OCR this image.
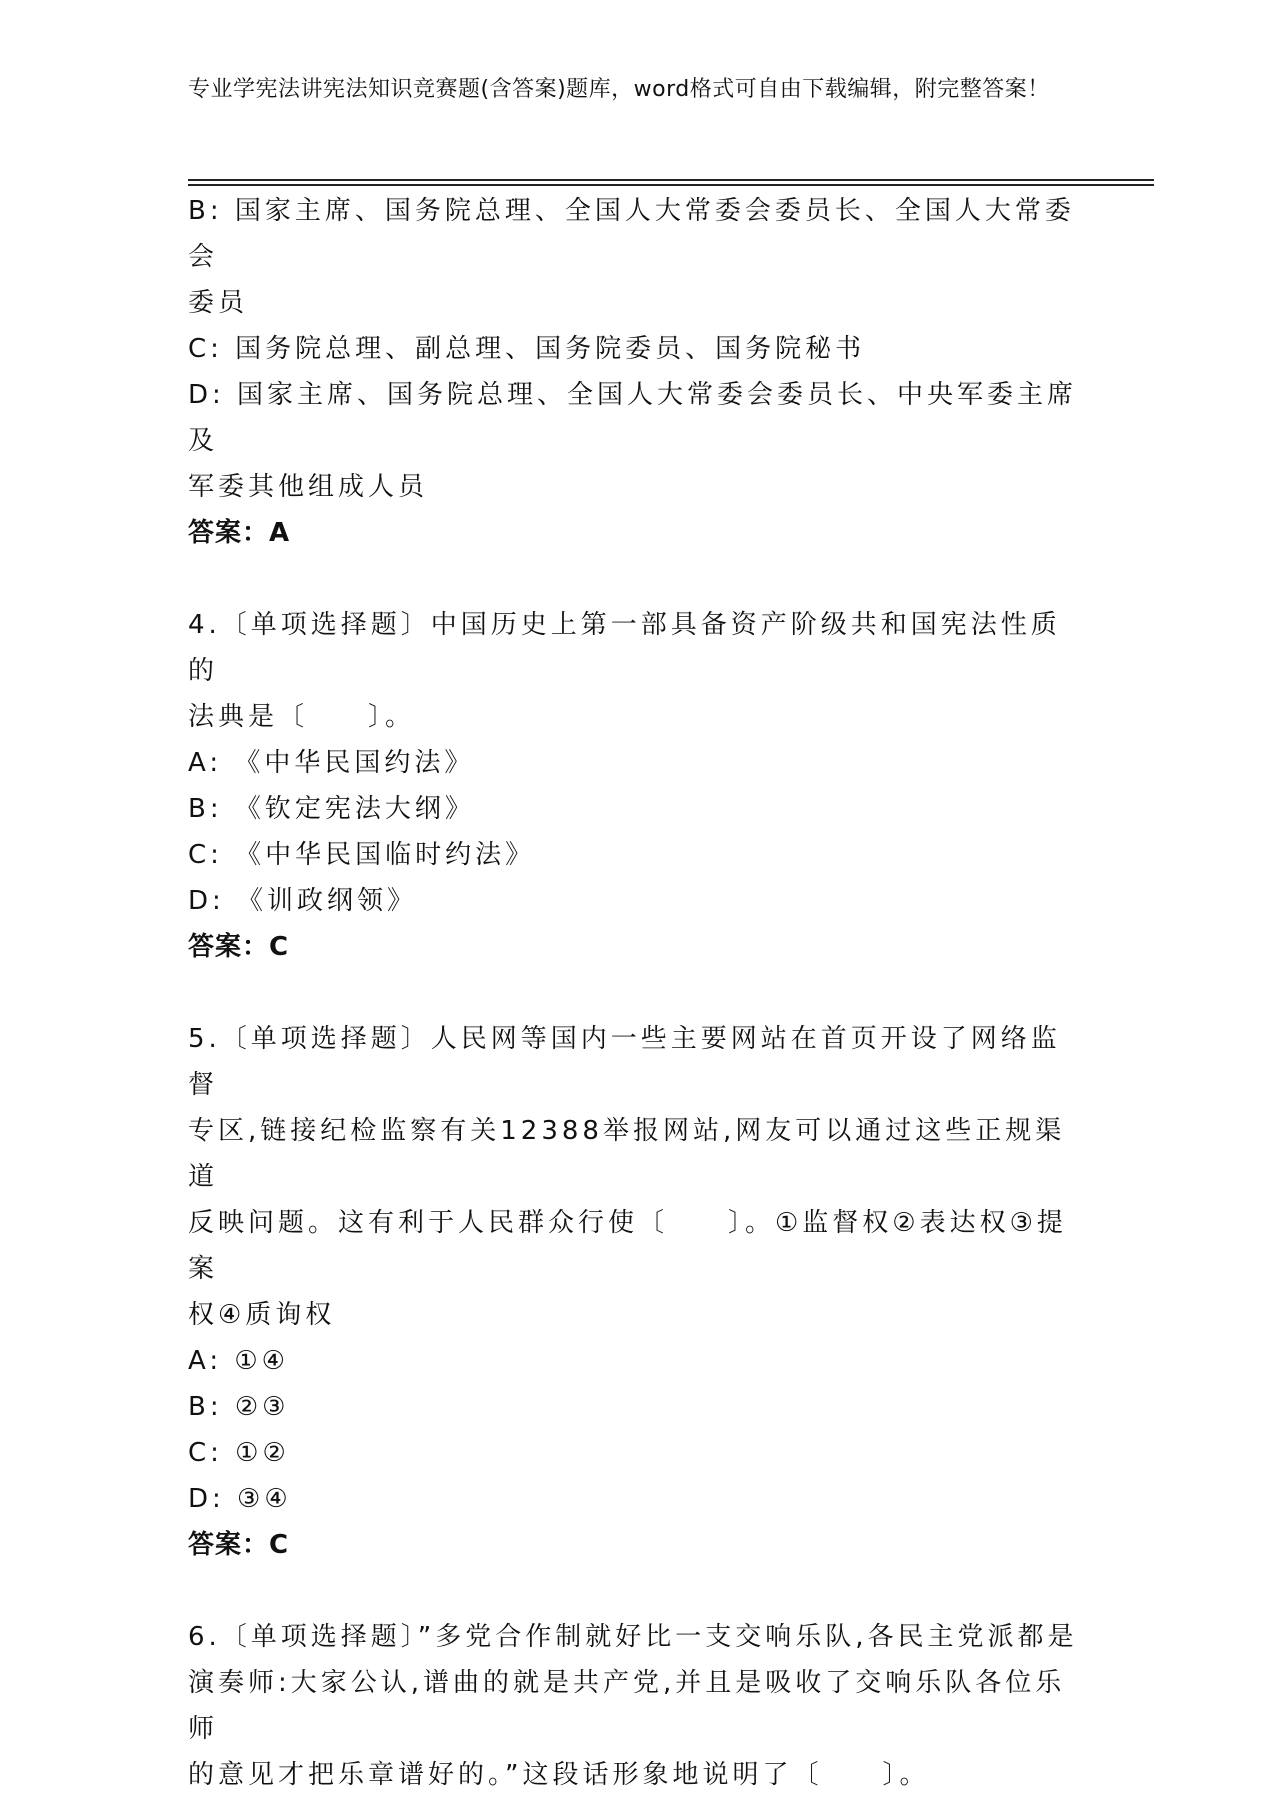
专业学宪法讲宪法知识竞赛题(含答案)题库，word格式可自由下载编辑，附完整答案！
B: 国家主席、国务院总理、全国人大常委会委员长、全国人大常委会
委员
C: 国务院总理、副总理、国务院委员、国务院秘书
D: 国家主席、国务院总理、全国人大常委会委员长、中央军委主席及
军委其他组成人员
答案：A
4.〔单项选择题〕中国历史上第一部具备资产阶级共和国宪法性质的
法典是〔　　〕。
A: 《中华民国约法》
B: 《钦定宪法大纲》
C: 《中华民国临时约法》
D: 《训政纲领》
答案：C
5.〔单项选择题〕人民网等国内一些主要网站在首页开设了网络监督
专区,链接纪检监察有关12388举报网站,网友可以通过这些正规渠道
反映问题。这有利于人民群众行使〔　　〕。①监督权②表达权③提案
权④质询权
A: ①④
B: ②③
C: ①②
D: ③④
答案：C
6.〔单项选择题〕”多党合作制就好比一支交响乐队,各民主党派都是
演奏师:大家公认,谱曲的就是共产党,并且是吸收了交响乐队各位乐师
的意见才把乐章谱好的。”这段话形象地说明了〔　　〕。
